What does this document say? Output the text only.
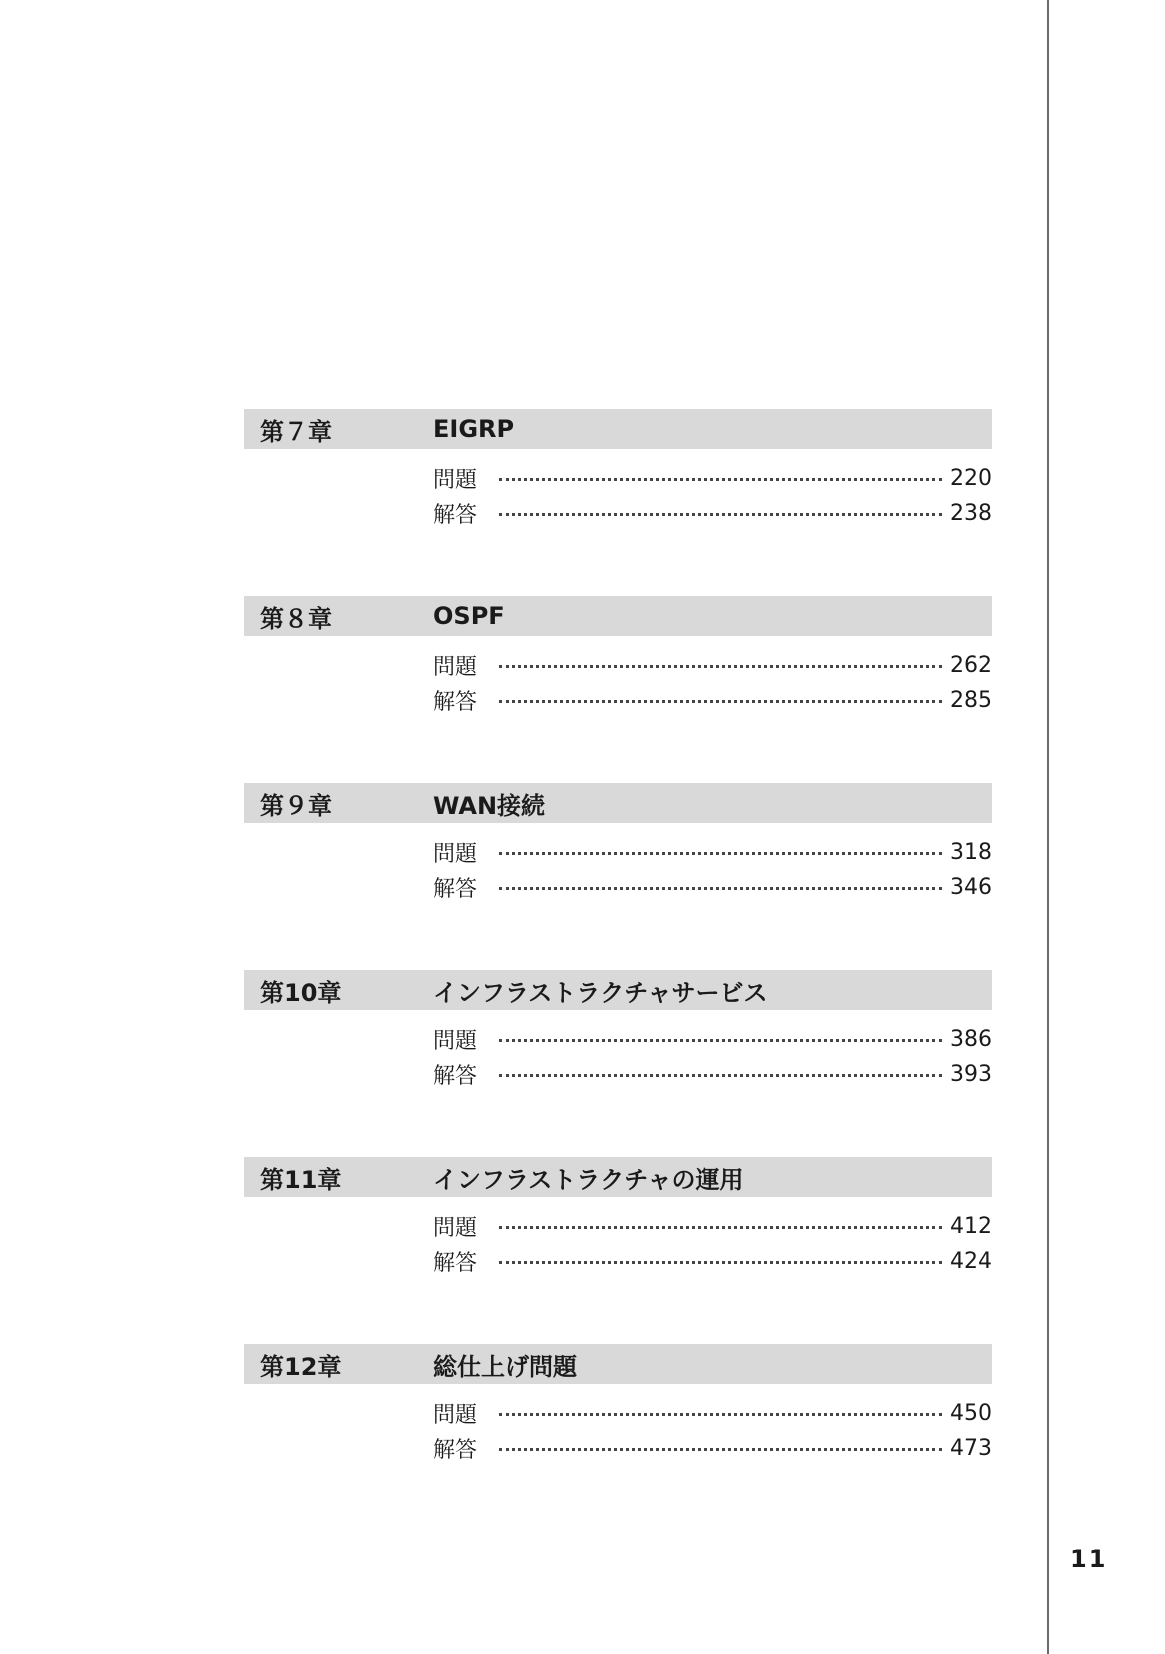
第７章	EIGRP
問題	220
解答	238
第８章	OSPF
問題	262
解答	285
第９章	WAN接続
問題	318
解答	346
第10章	インフラストラクチャサービス
問題	386
解答	393
第11章	インフラストラクチャの運用
問題	412
解答	424
第12章	総仕上げ問題
問題	450
解答	473
11
